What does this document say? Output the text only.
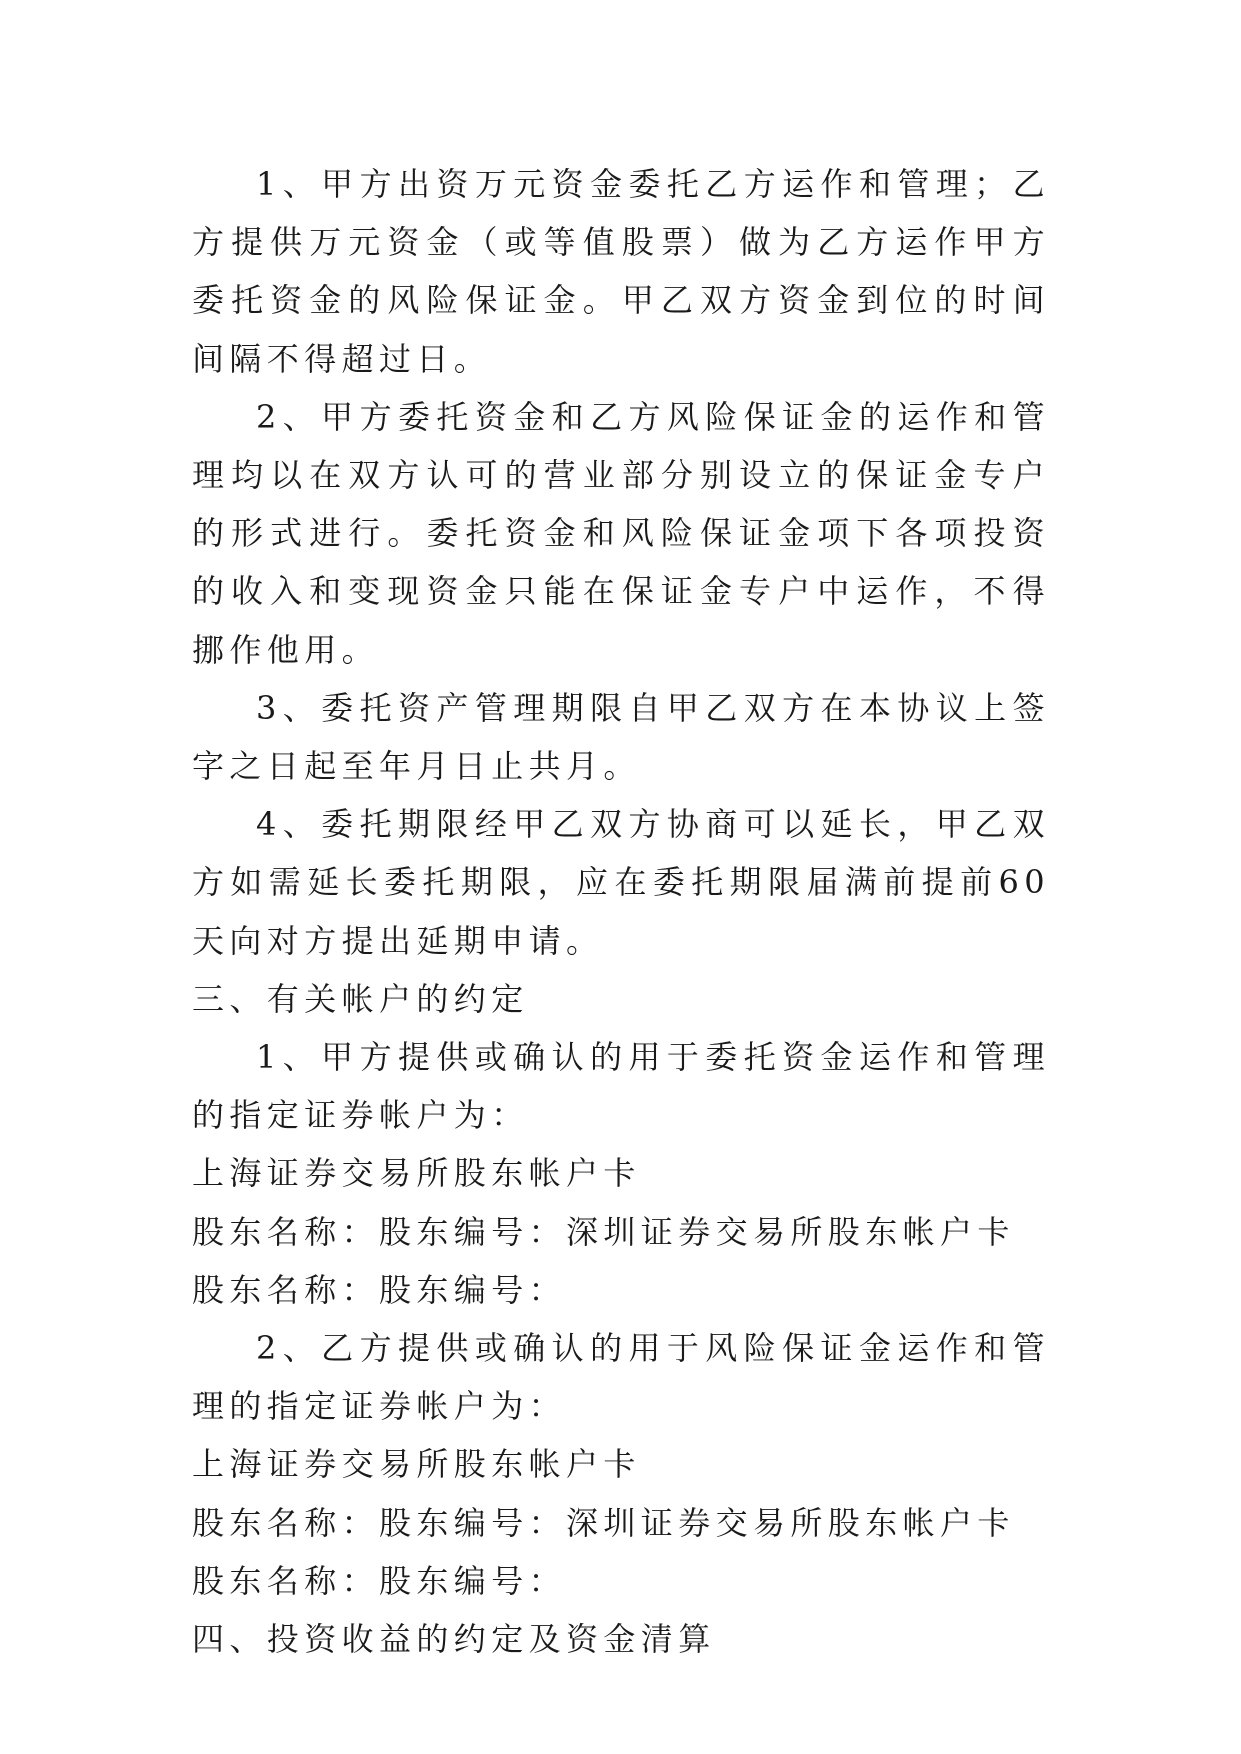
1、甲方出资万元资金委托乙方运作和管理；乙方提供万元资金（或等值股票）做为乙方运作甲方委托资金的风险保证金。甲乙双方资金到位的时间间隔不得超过日。

2、甲方委托资金和乙方风险保证金的运作和管理均以在双方认可的营业部分别设立的保证金专户的形式进行。委托资金和风险保证金项下各项投资的收入和变现资金只能在保证金专户中运作，不得挪作他用。

3、委托资产管理期限自甲乙双方在本协议上签字之日起至年月日止共月。

4、委托期限经甲乙双方协商可以延长，甲乙双方如需延长委托期限，应在委托期限届满前提前60天向对方提出延期申请。

三、有关帐户的约定

1、甲方提供或确认的用于委托资金运作和管理的指定证券帐户为：

上海证券交易所股东帐户卡

股东名称：股东编号：深圳证券交易所股东帐户卡

股东名称：股东编号：

2、乙方提供或确认的用于风险保证金运作和管理的指定证券帐户为：

上海证券交易所股东帐户卡

股东名称：股东编号：深圳证券交易所股东帐户卡

股东名称：股东编号：

四、投资收益的约定及资金清算
